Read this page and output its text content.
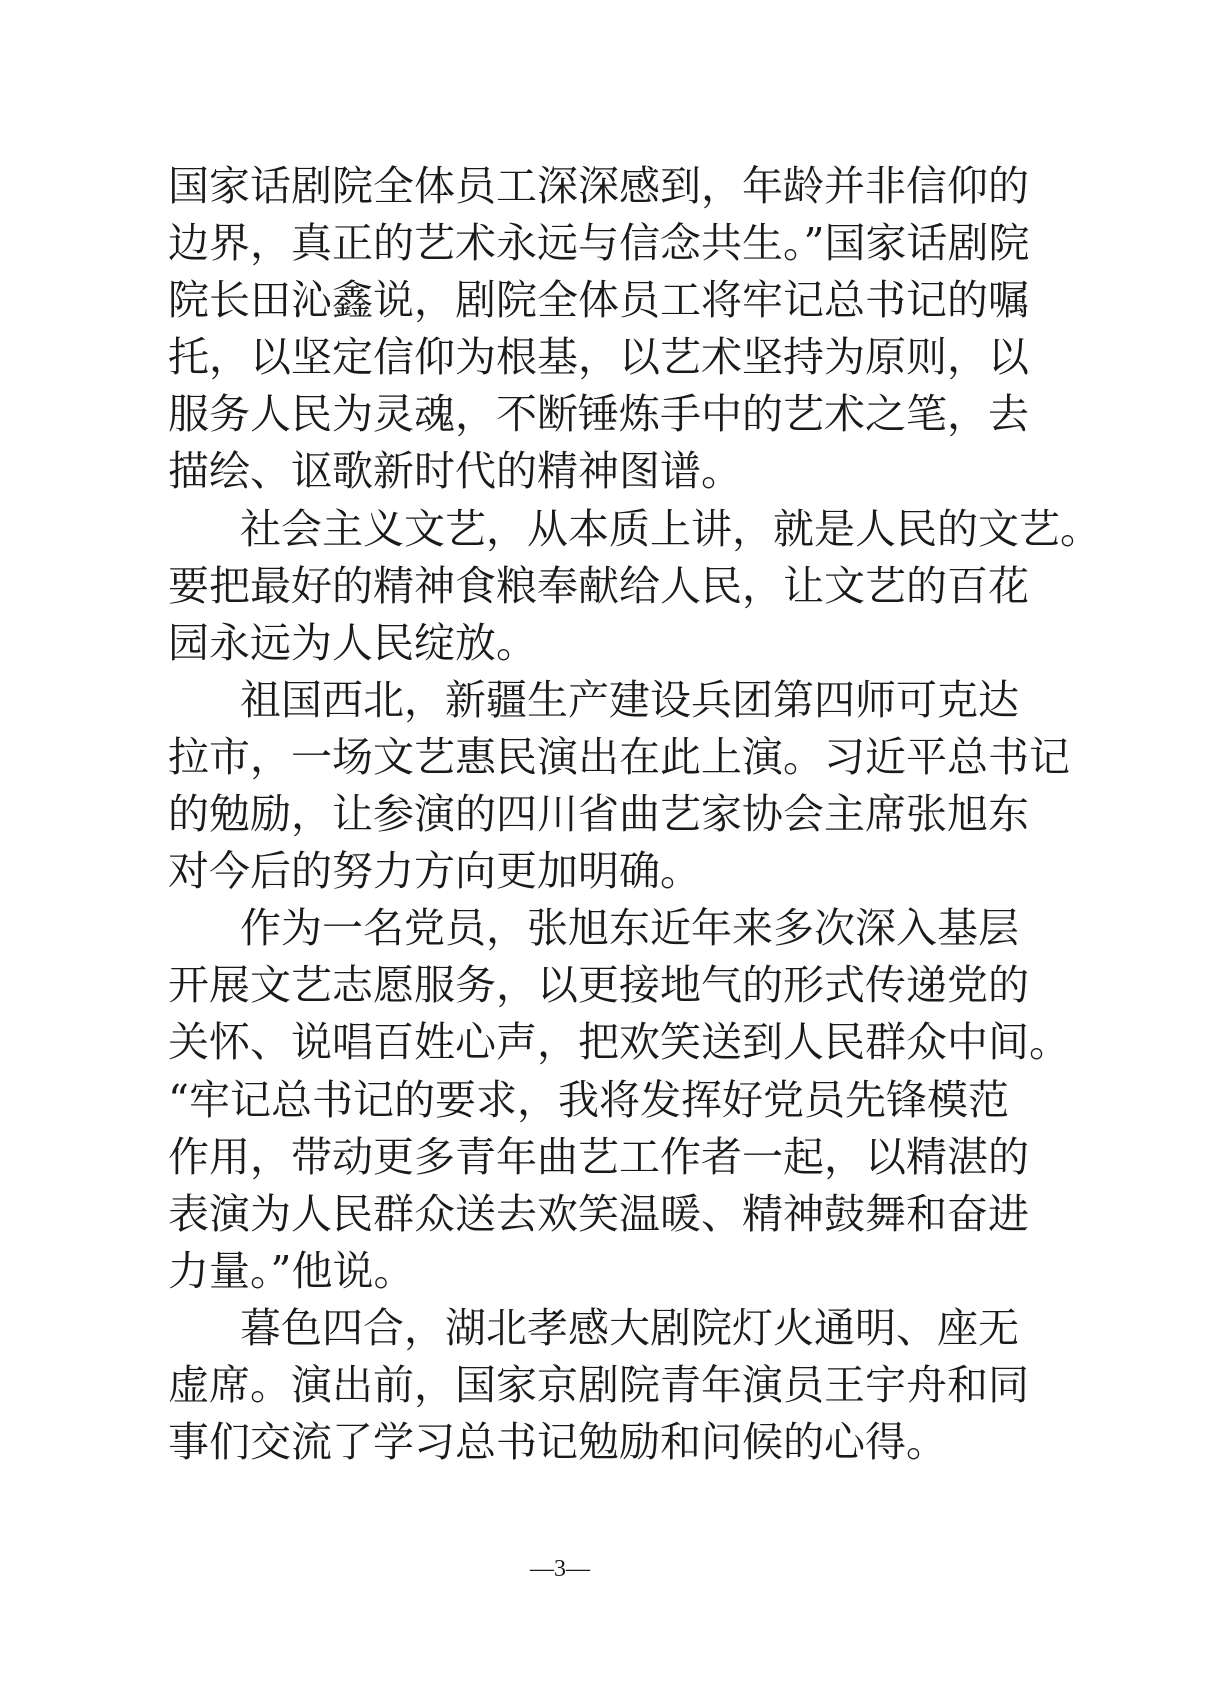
国家话剧院全体员工深深感到，年龄并非信仰的
边界，真正的艺术永远与信念共生。”国家话剧院
院长田沁鑫说，剧院全体员工将牢记总书记的嘱
托，以坚定信仰为根基，以艺术坚持为原则，以
服务人民为灵魂，不断锤炼手中的艺术之笔，去
描绘、讴歌新时代的精神图谱。
社会主义文艺，从本质上讲，就是人民的文艺。
要把最好的精神食粮奉献给人民，让文艺的百花
园永远为人民绽放。
祖国西北，新疆生产建设兵团第四师可克达
拉市，一场文艺惠民演出在此上演。习近平总书记
的勉励，让参演的四川省曲艺家协会主席张旭东
对今后的努力方向更加明确。
作为一名党员，张旭东近年来多次深入基层
开展文艺志愿服务，以更接地气的形式传递党的
关怀、说唱百姓心声，把欢笑送到人民群众中间。
“牢记总书记的要求，我将发挥好党员先锋模范
作用，带动更多青年曲艺工作者一起，以精湛的
表演为人民群众送去欢笑温暖、精神鼓舞和奋进
力量。”他说。
暮色四合，湖北孝感大剧院灯火通明、座无
虚席。演出前，国家京剧院青年演员王宇舟和同
事们交流了学习总书记勉励和问候的心得。
—3—
